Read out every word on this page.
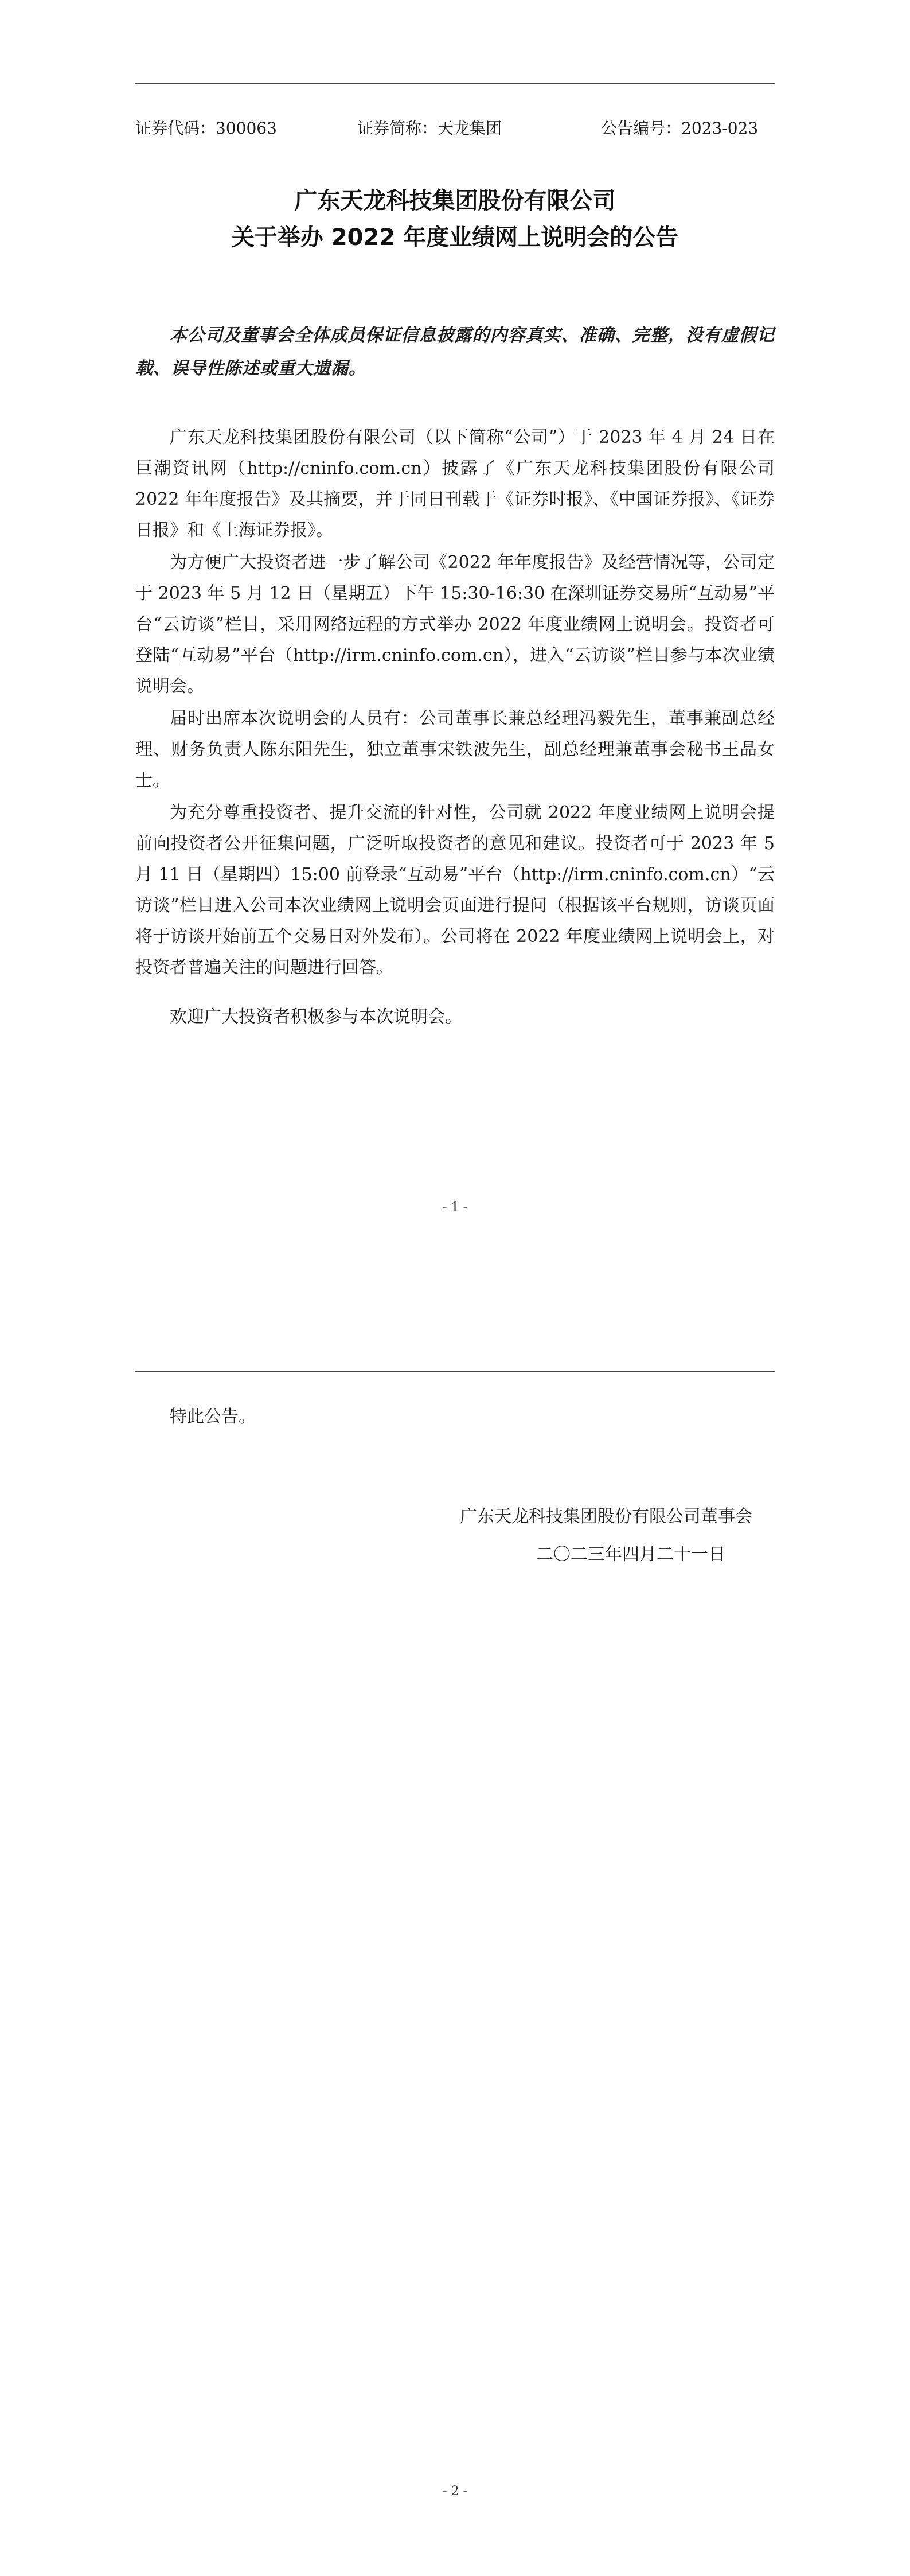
证券代码：300063	证券简称：天龙集团	公告编号：2023-023
广东天龙科技集团股份有限公司
关于举办 2022 年度业绩网上说明会的公告
本公司及董事会全体成员保证信息披露的内容真实、准确、完整，没有虚假记载、误导性陈述或重大遗漏。

广东天龙科技集团股份有限公司（以下简称“公司”）于 2023 年 4 月 24 日在巨潮资讯网（http://cninfo.com.cn）披露了《广东天龙科技集团股份有限公司 2022 年年度报告》及其摘要，并于同日刊载于《证券时报》、《中国证券报》、《证券日报》和《上海证券报》。

为方便广大投资者进一步了解公司《2022 年年度报告》及经营情况等，公司定于 2023 年 5 月 12 日（星期五）下午 15:30-16:30 在深圳证券交易所“互动易”平台“云访谈”栏目，采用网络远程的方式举办 2022 年度业绩网上说明会。投资者可登陆“互动易”平台（http://irm.cninfo.com.cn），进入“云访谈”栏目参与本次业绩说明会。

届时出席本次说明会的人员有：公司董事长兼总经理冯毅先生，董事兼副总经理、财务负责人陈东阳先生，独立董事宋铁波先生，副总经理兼董事会秘书王晶女士。

为充分尊重投资者、提升交流的针对性，公司就 2022 年度业绩网上说明会提前向投资者公开征集问题，广泛听取投资者的意见和建议。投资者可于 2023 年 5 月 11 日（星期四）15:00 前登录“互动易”平台（http://irm.cninfo.com.cn）“云访谈”栏目进入公司本次业绩网上说明会页面进行提问（根据该平台规则，访谈页面将于访谈开始前五个交易日对外发布）。公司将在 2022 年度业绩网上说明会上，对投资者普遍关注的问题进行回答。

欢迎广大投资者积极参与本次说明会。

- 1 -
特此公告。
广东天龙科技集团股份有限公司董事会
二〇二三年四月二十一日
- 2 -
